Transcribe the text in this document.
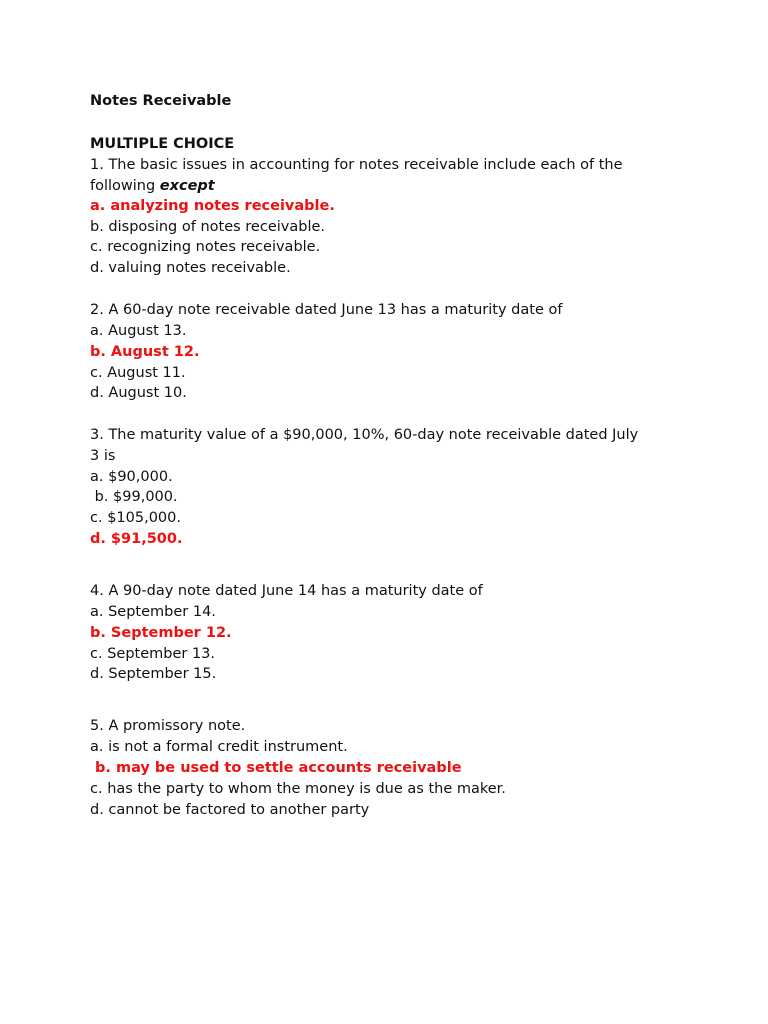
Notes Receivable
MULTIPLE CHOICE
1. The basic issues in accounting for notes receivable include each of the
following except
a. analyzing notes receivable.
b. disposing of notes receivable.
c. recognizing notes receivable.
d. valuing notes receivable.
2. A 60-day note receivable dated June 13 has a maturity date of
a. August 13.
b. August 12.
c. August 11.
d. August 10.
3. The maturity value of a $90,000, 10%, 60-day note receivable dated July
3 is
a. $90,000.
b. $99,000.
c. $105,000.
d. $91,500.
4. A 90-day note dated June 14 has a maturity date of
a. September 14.
b. September 12.
c. September 13.
d. September 15.
5. A promissory note.
a. is not a formal credit instrument.
b. may be used to settle accounts receivable
c. has the party to whom the money is due as the maker.
d. cannot be factored to another party
